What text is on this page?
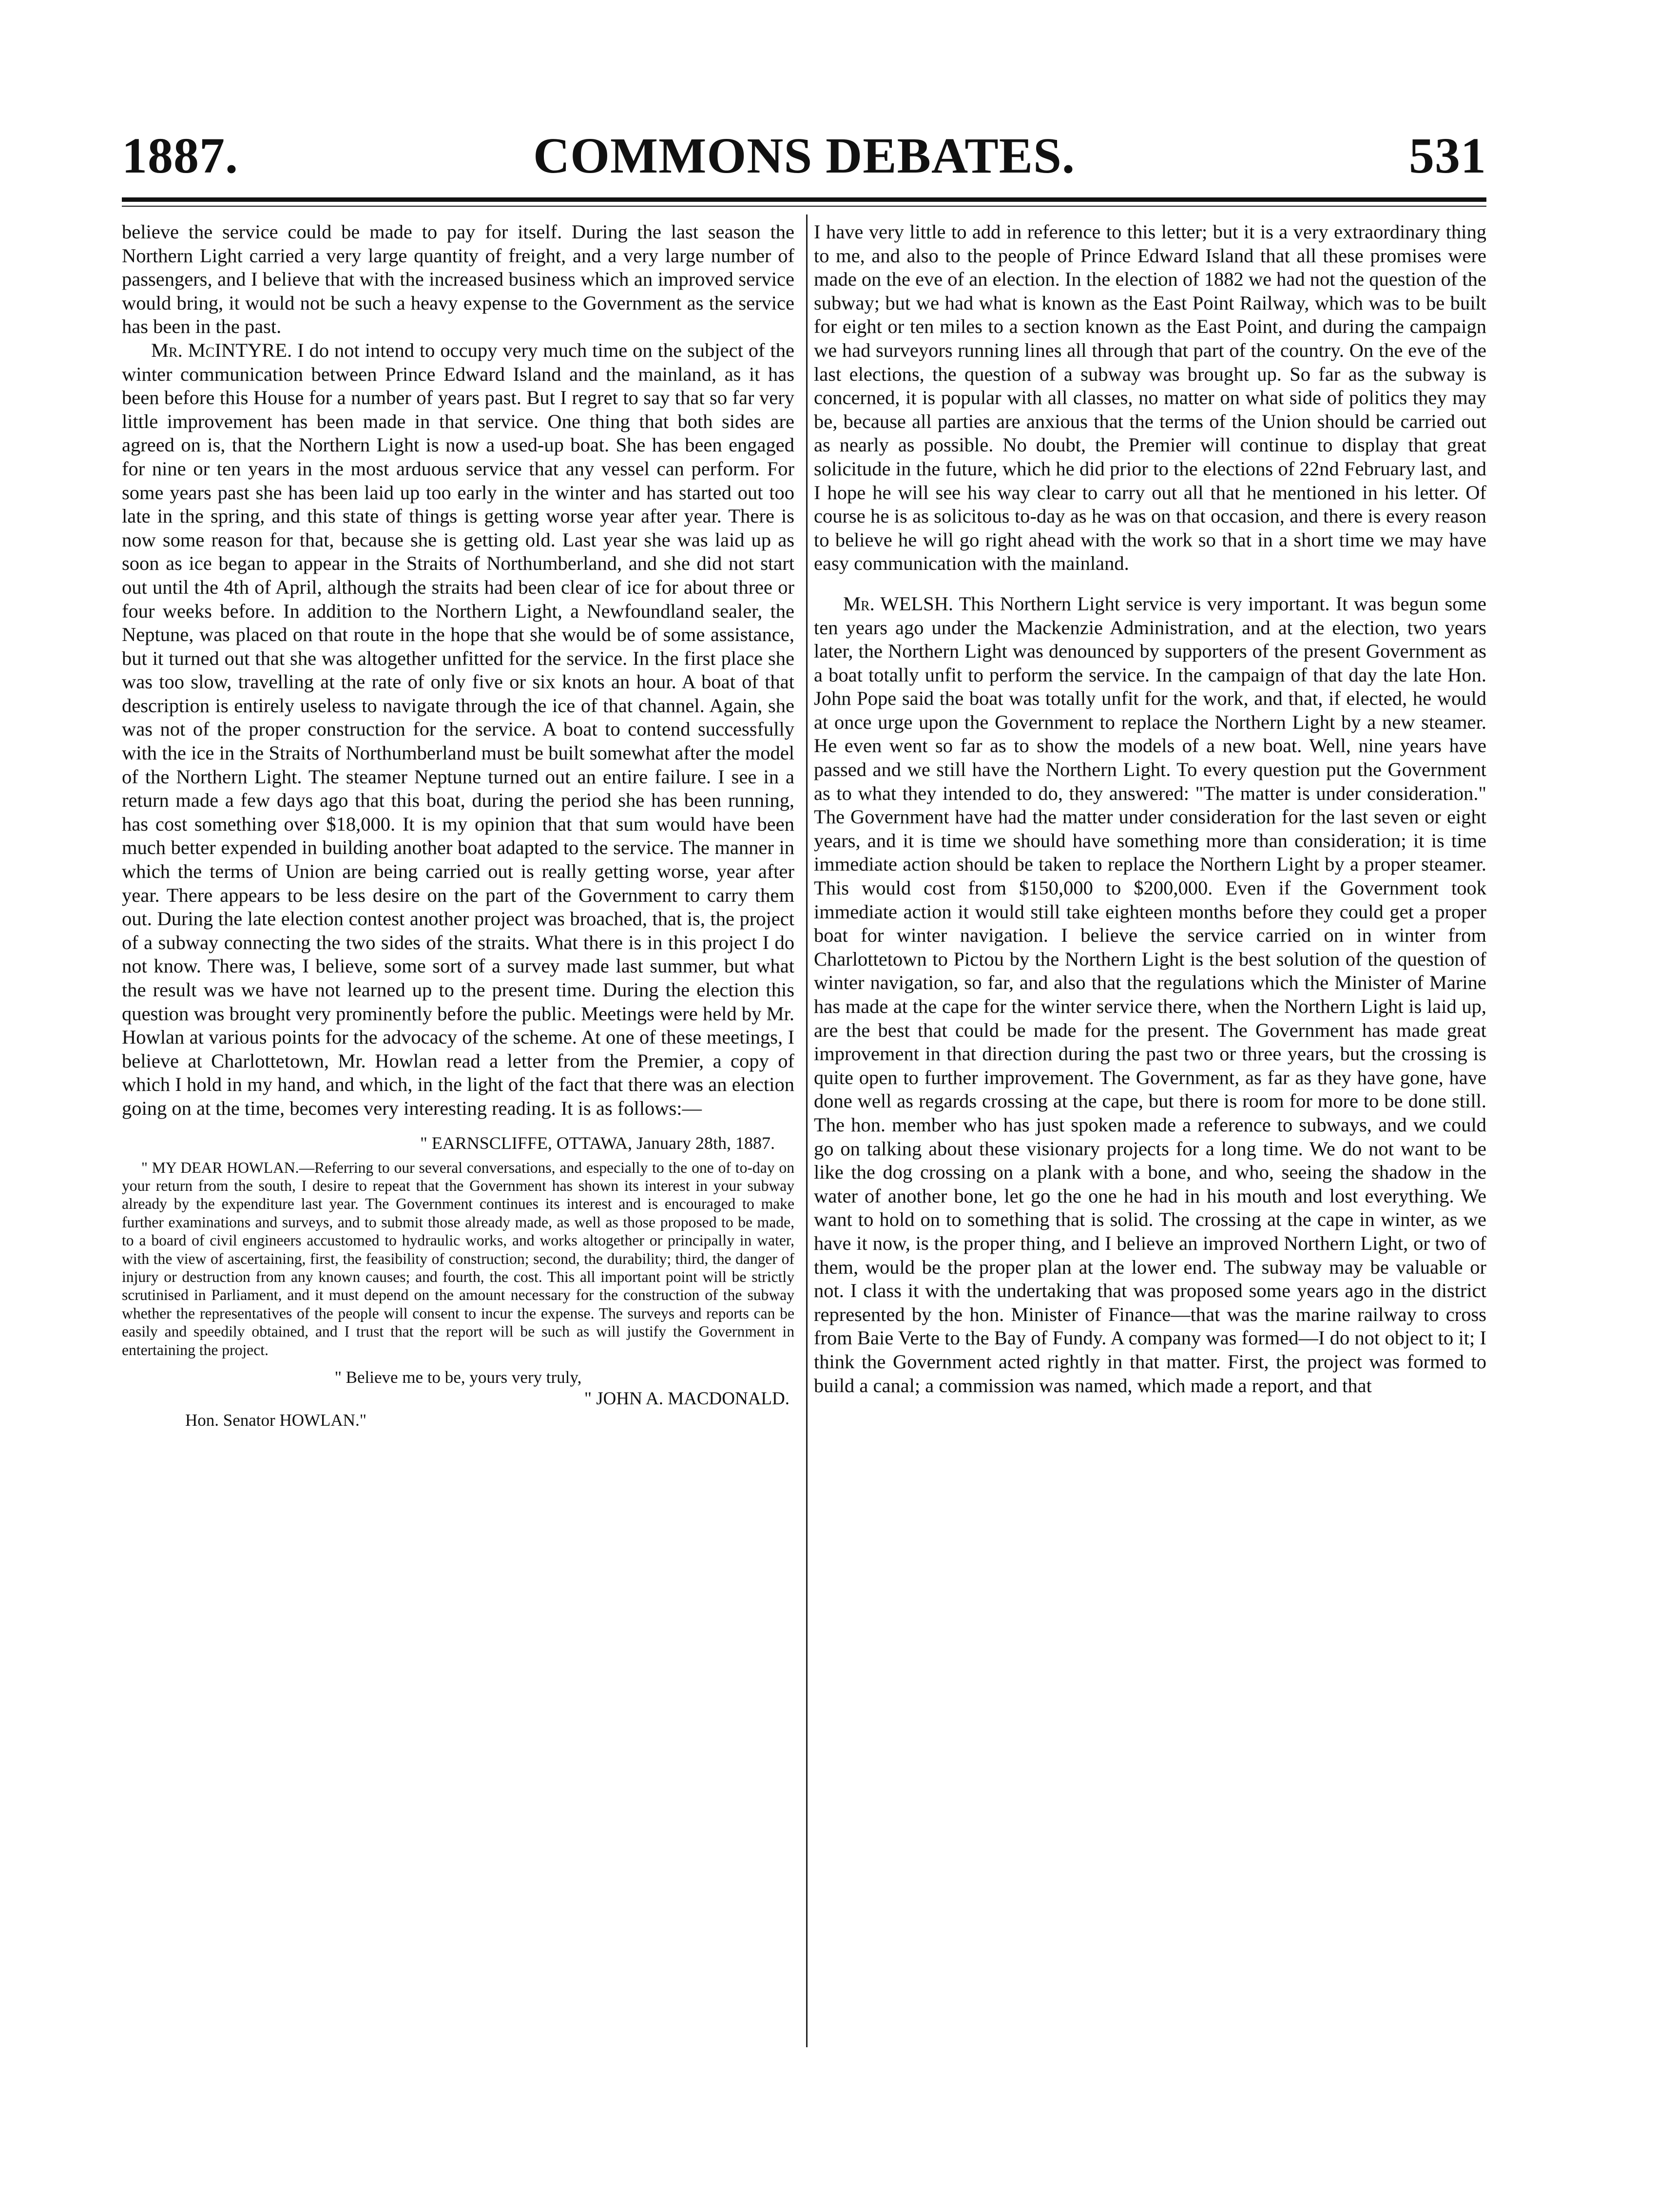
COMMONS DEBATES.
1887.	531

believe the service could be made to pay for itself. During the last season the Northern Light carried a very large quantity of freight, and a very large number of passengers, and I believe that with the increased business which an improved service would bring, it would not be such a heavy expense to the Government as the service has been in the past.

Mr. McINTYRE. I do not intend to occupy very much time on the subject of the winter communication between Prince Edward Island and the mainland, as it has been before this House for a number of years past. But I regret to say that so far very little improvement has been made in that service. One thing that both sides are agreed on is, that the Northern Light is now a used-up boat. She has been engaged for nine or ten years in the most arduous service that any vessel can perform. For some years past she has been laid up too early in the winter and has started out too late in the spring, and this state of things is getting worse year after year. There is now some reason for that, because she is getting old. Last year she was laid up as soon as ice began to appear in the Straits of Northumberland, and she did not start out until the 4th of April, although the straits had been clear of ice for about three or four weeks before. In addition to the Northern Light, a Newfoundland sealer, the Neptune, was placed on that route in the hope that she would be of some assistance, but it turned out that she was altogether unfitted for the service. In the first place she was too slow, travelling at the rate of only five or six knots an hour. A boat of that description is entirely useless to navigate through the ice of that channel. Again, she was not of the proper construction for the service. A boat to contend successfully with the ice in the Straits of Northumberland must be built somewhat after the model of the Northern Light. The steamer Neptune turned out an entire failure. I see in a return made a few days ago that this boat, during the period she has been running, has cost something over $18,000. It is my opinion that that sum would have been much better expended in building another boat adapted to the service. The manner in which the terms of Union are being carried out is really getting worse, year after year. There appears to be less desire on the part of the Government to carry them out. During the late election contest another project was broached, that is, the project of a subway connecting the two sides of the straits. What there is in this project I do not know. There was, I believe, some sort of a survey made last summer, but what the result was we have not learned up to the present time. During the election this question was brought very prominently before the public. Meetings were held by Mr. Howlan at various points for the advocacy of the scheme. At one of these meetings, I believe at Charlottetown, Mr. Howlan read a letter from the Premier, a copy of which I hold in my hand, and which, in the light of the fact that there was an election going on at the time, becomes very interesting reading. It is as follows:—

" EARNSCLIFFE, OTTAWA, January 28th, 1887.

" MY DEAR HOWLAN.—Referring to our several conversations, and especially to the one of to-day on your return from the south, I desire to repeat that the Government has shown its interest in your subway already by the expenditure last year. The Government continues its interest and is encouraged to make further examinations and surveys, and to submit those already made, as well as those proposed to be made, to a board of civil engineers accustomed to hydraulic works, and works altogether or principally in water, with the view of ascertaining, first, the feasibility of construction; second, the durability; third, the danger of injury or destruction from any known causes; and fourth, the cost. This all important point will be strictly scrutinised in Parliament, and it must depend on the amount necessary for the construction of the subway whether the representatives of the people will consent to incur the expense. The surveys and reports can be easily and speedily obtained, and I trust that the report will be such as will justify the Government in entertaining the project.

" Believe me to be, yours very truly,

" JOHN A. MACDONALD.

Hon. Senator HOWLAN."

I have very little to add in reference to this letter; but it is a very extraordinary thing to me, and also to the people of Prince Edward Island that all these promises were made on the eve of an election. In the election of 1882 we had not the question of the subway; but we had what is known as the East Point Railway, which was to be built for eight or ten miles to a section known as the East Point, and during the campaign we had surveyors running lines all through that part of the country. On the eve of the last elections, the question of a subway was brought up. So far as the subway is concerned, it is popular with all classes, no matter on what side of politics they may be, because all parties are anxious that the terms of the Union should be carried out as nearly as possible. No doubt, the Premier will continue to display that great solicitude in the future, which he did prior to the elections of 22nd February last, and I hope he will see his way clear to carry out all that he mentioned in his letter. Of course he is as solicitous to-day as he was on that occasion, and there is every reason to believe he will go right ahead with the work so that in a short time we may have easy communication with the mainland.

Mr. WELSH. This Northern Light service is very important. It was begun some ten years ago under the Mackenzie Administration, and at the election, two years later, the Northern Light was denounced by supporters of the present Government as a boat totally unfit to perform the service. In the campaign of that day the late Hon. John Pope said the boat was totally unfit for the work, and that, if elected, he would at once urge upon the Government to replace the Northern Light by a new steamer. He even went so far as to show the models of a new boat. Well, nine years have passed and we still have the Northern Light. To every question put the Government as to what they intended to do, they answered: "The matter is under consideration." The Government have had the matter under consideration for the last seven or eight years, and it is time we should have something more than consideration; it is time immediate action should be taken to replace the Northern Light by a proper steamer. This would cost from $150,000 to $200,000. Even if the Government took immediate action it would still take eighteen months before they could get a proper boat for winter navigation. I believe the service carried on in winter from Charlottetown to Pictou by the Northern Light is the best solution of the question of winter navigation, so far, and also that the regulations which the Minister of Marine has made at the cape for the winter service there, when the Northern Light is laid up, are the best that could be made for the present. The Government has made great improvement in that direction during the past two or three years, but the crossing is quite open to further improvement. The Government, as far as they have gone, have done well as regards crossing at the cape, but there is room for more to be done still. The hon. member who has just spoken made a reference to subways, and we could go on talking about these visionary projects for a long time. We do not want to be like the dog crossing on a plank with a bone, and who, seeing the shadow in the water of another bone, let go the one he had in his mouth and lost everything. We want to hold on to something that is solid. The crossing at the cape in winter, as we have it now, is the proper thing, and I believe an improved Northern Light, or two of them, would be the proper plan at the lower end. The subway may be valuable or not. I class it with the undertaking that was proposed some years ago in the district represented by the hon. Minister of Finance—that was the marine railway to cross from Baie Verte to the Bay of Fundy. A company was formed—I do not object to it; I think the Government acted rightly in that matter. First, the project was formed to build a canal; a commission was named, which made a report, and that
